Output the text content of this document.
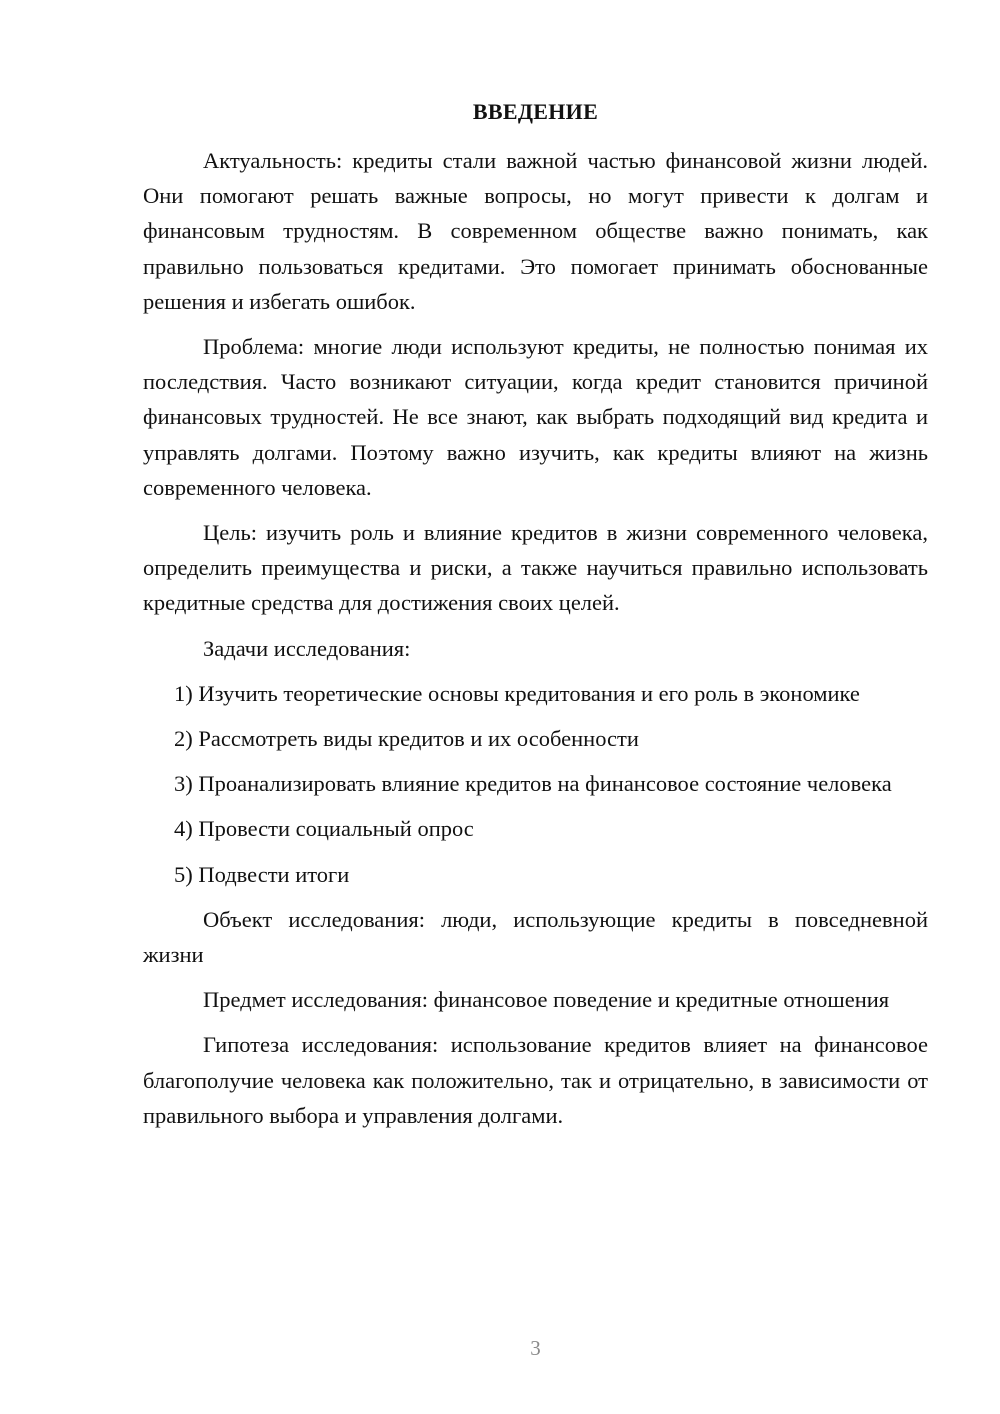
ВВЕДЕНИЕ

Актуальность: кредиты стали важной частью финансовой жизни людей. Они помогают решать важные вопросы, но могут привести к долгам и финансовым трудностям. В современном обществе важно понимать, как правильно пользоваться кредитами. Это помогает принимать обоснованные решения и избегать ошибок.

Проблема: многие люди используют кредиты, не полностью понимая их последствия. Часто возникают ситуации, когда кредит становится причиной финансовых трудностей. Не все знают, как выбрать подходящий вид кредита и управлять долгами. Поэтому важно изучить, как кредиты влияют на жизнь современного человека.

Цель: изучить роль и влияние кредитов в жизни современного человека, определить преимущества и риски, а также научиться правильно использовать кредитные средства для достижения своих целей.

Задачи исследования:

1) Изучить теоретические основы кредитования и его роль в экономике

2) Рассмотреть виды кредитов и их особенности

3) Проанализировать влияние кредитов на финансовое состояние человека

4) Провести социальный опрос

5) Подвести итоги

Объект исследования: люди, использующие кредиты в повседневной жизни

Предмет исследования: финансовое поведение и кредитные отношения

Гипотеза исследования: использование кредитов влияет на финансовое благополучие человека как положительно, так и отрицательно, в зависимости от правильного выбора и управления долгами.

3
